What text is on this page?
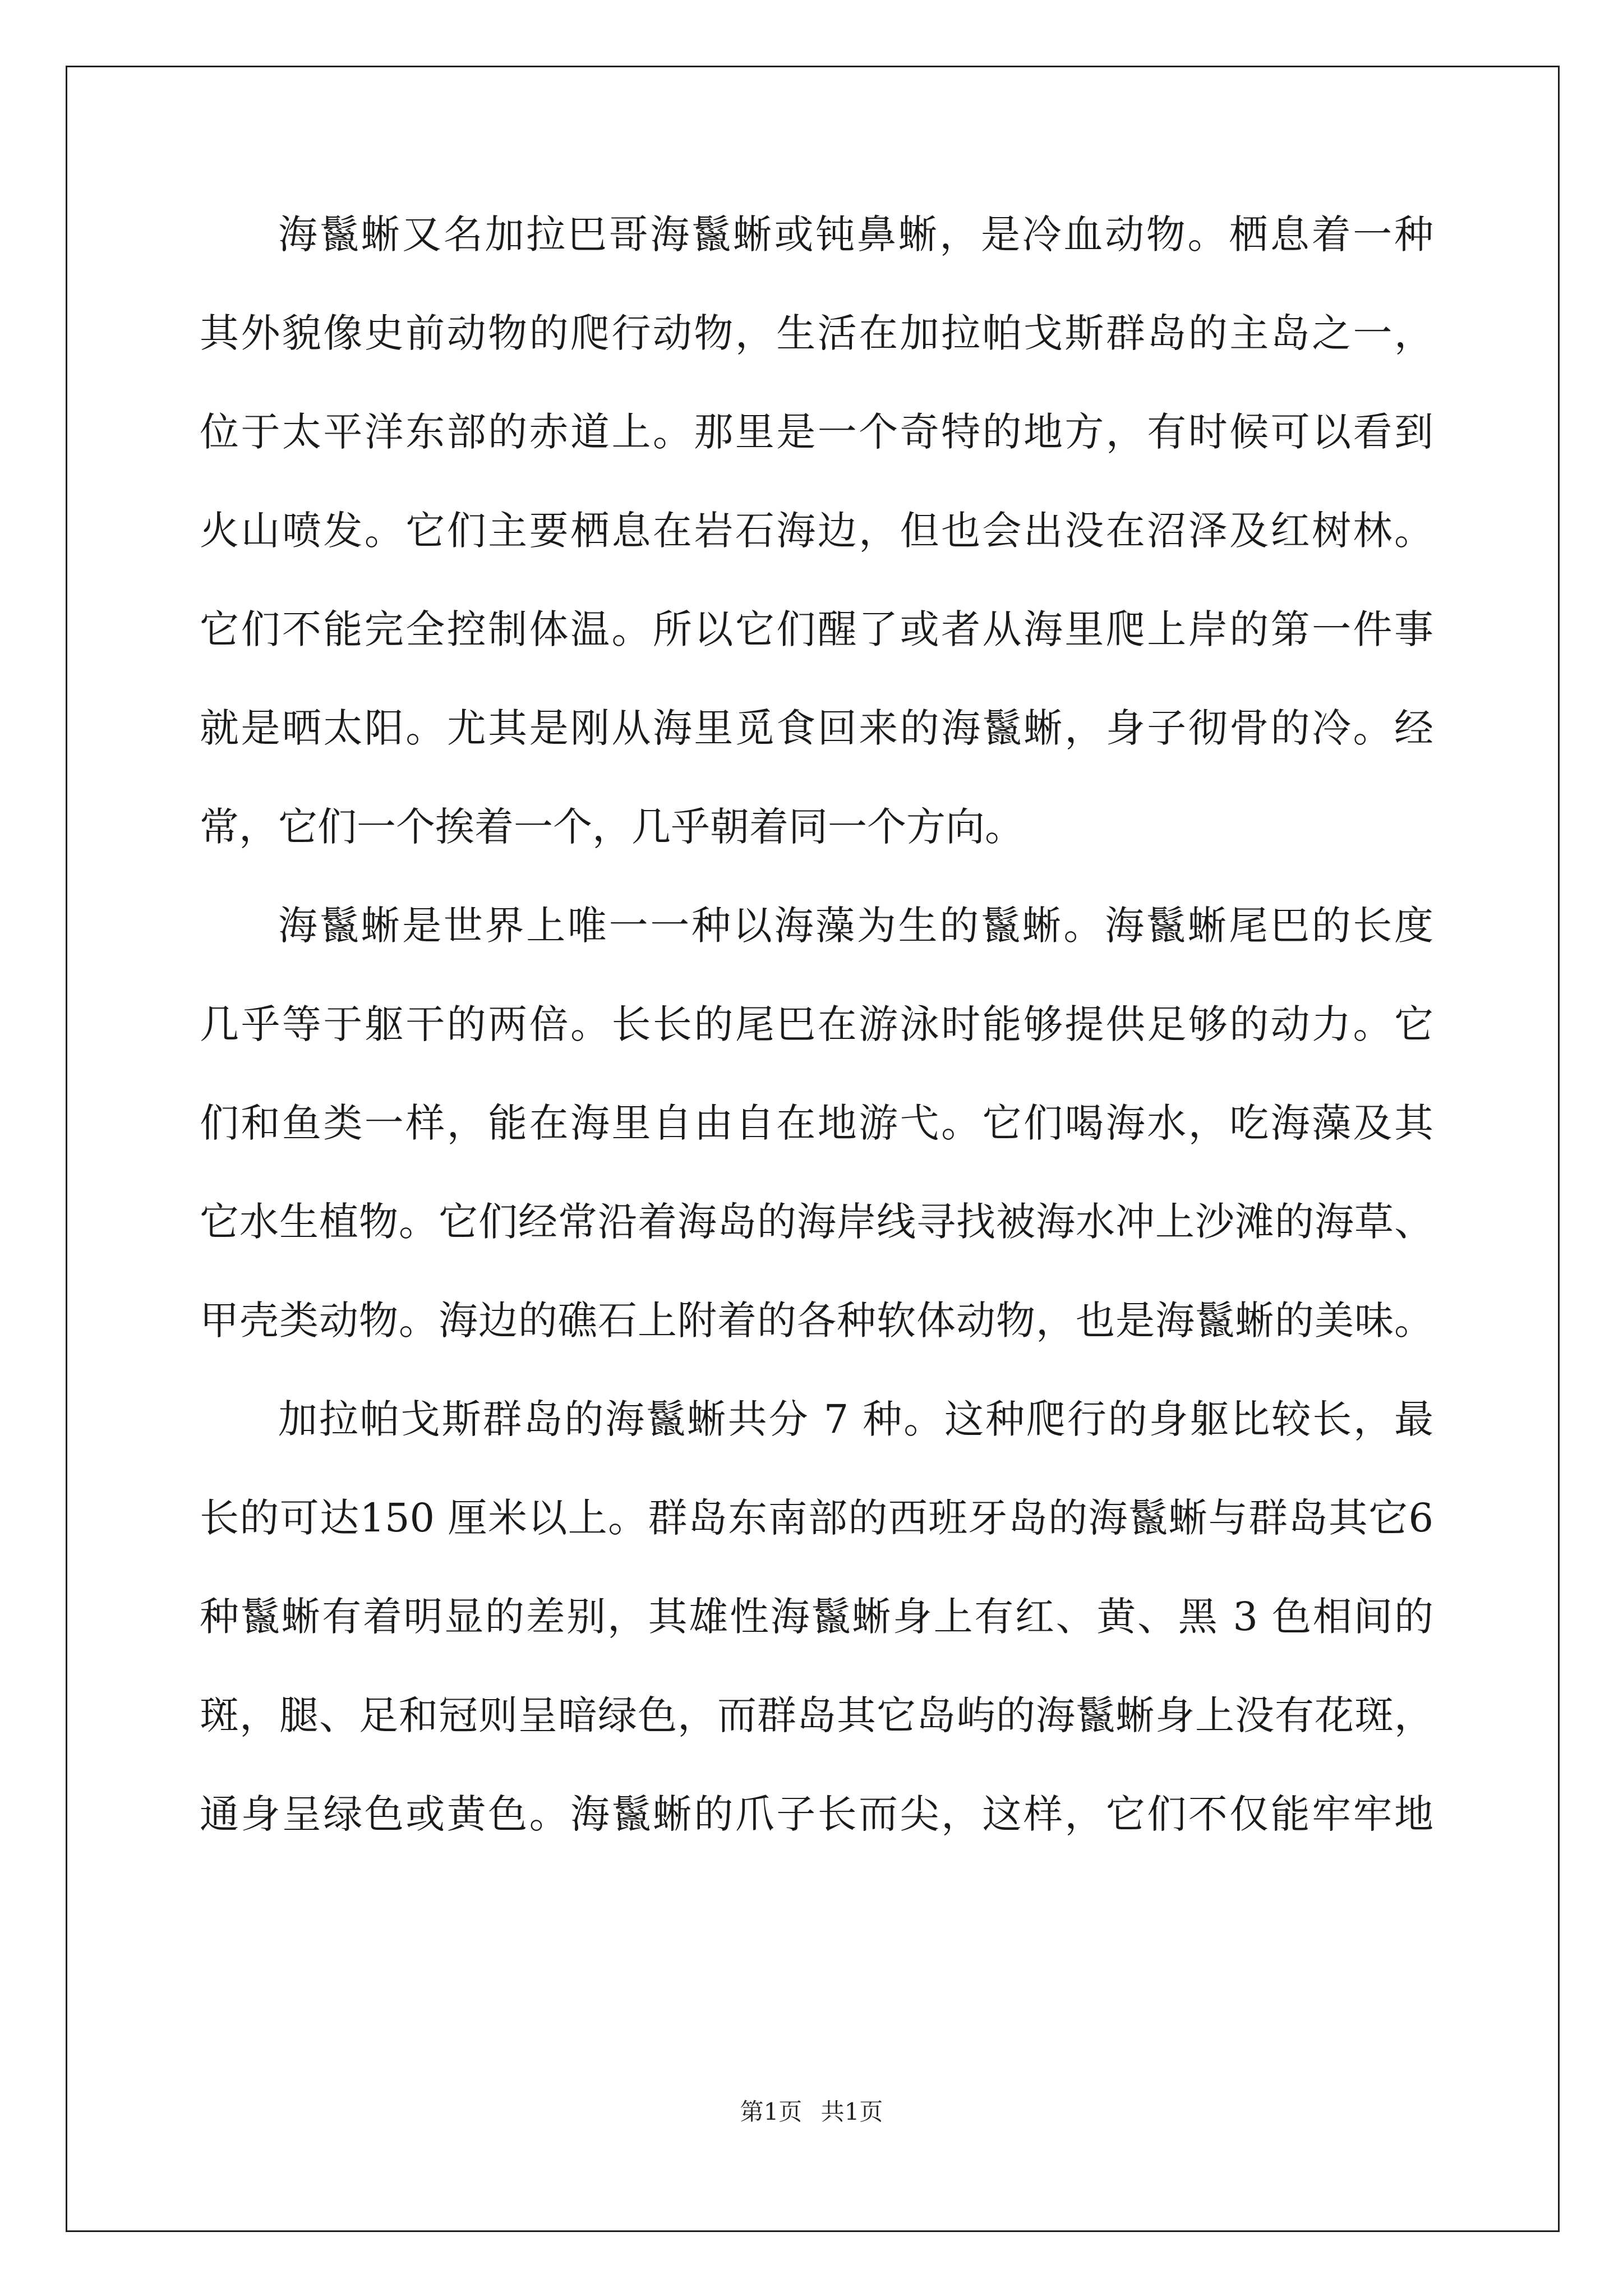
海鬣蜥又名加拉巴哥海鬣蜥或钝鼻蜥，是冷血动物。栖息着一种
其外貌像史前动物的爬行动物，生活在加拉帕戈斯群岛的主岛之一，
位于太平洋东部的赤道上。那里是一个奇特的地方，有时候可以看到
火山喷发。它们主要栖息在岩石海边，但也会出没在沼泽及红树林。
它们不能完全控制体温。所以它们醒了或者从海里爬上岸的第一件事
就是晒太阳。尤其是刚从海里觅食回来的海鬣蜥，身子彻骨的冷。经
常，它们一个挨着一个，几乎朝着同一个方向。
海鬣蜥是世界上唯一一种以海藻为生的鬣蜥。海鬣蜥尾巴的长度
几乎等于躯干的两倍。长长的尾巴在游泳时能够提供足够的动力。它
们和鱼类一样，能在海里自由自在地游弋。它们喝海水，吃海藻及其
它水生植物。它们经常沿着海岛的海岸线寻找被海水冲上沙滩的海草、
甲壳类动物。海边的礁石上附着的各种软体动物，也是海鬣蜥的美味。
加拉帕戈斯群岛的海鬣蜥共分 7 种。这种爬行的身躯比较长，最
长的可达150 厘米以上。群岛东南部的西班牙岛的海鬣蜥与群岛其它6
种鬣蜥有着明显的差别，其雄性海鬣蜥身上有红、黄、黑 3 色相间的
斑，腿、足和冠则呈暗绿色，而群岛其它岛屿的海鬣蜥身上没有花斑，
通身呈绿色或黄色。海鬣蜥的爪子长而尖，这样，它们不仅能牢牢地
第1页 共1页
